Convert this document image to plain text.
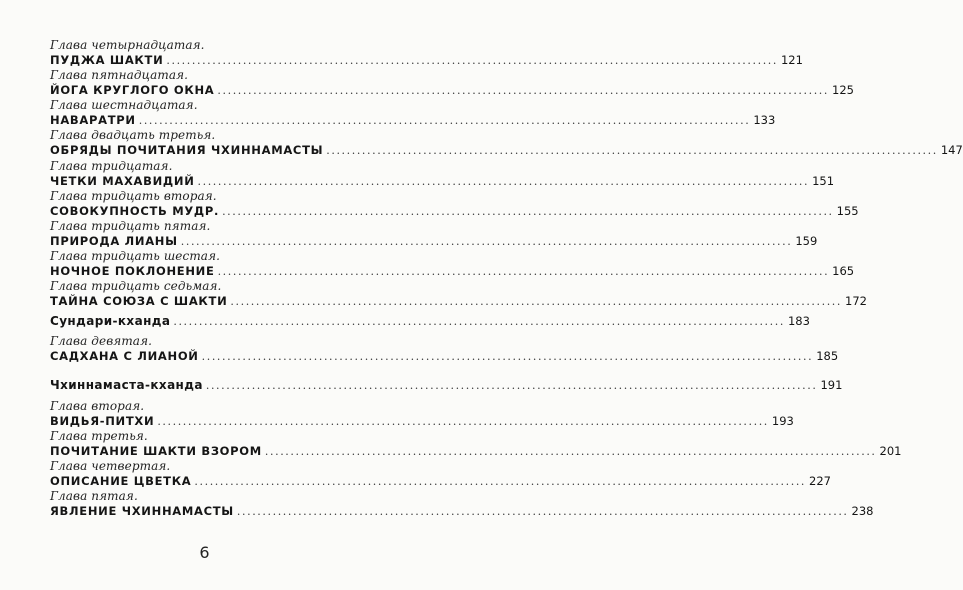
Глава четырнадцатая.
ПУДЖА ШАКТИ ........................................................................................................................ 121
Глава пятнадцатая.
ЙОГА КРУГЛОГО ОКНА ........................................................................................................................ 125
Глава шестнадцатая.
НАВАРАТРИ ........................................................................................................................ 133
Глава двадцать третья.
ОБРЯДЫ ПОЧИТАНИЯ ЧХИННАМАСТЫ ........................................................................................................................ 147
Глава тридцатая.
ЧЕТКИ МАХАВИДИЙ ........................................................................................................................ 151
Глава тридцать вторая.
СОВОКУПНОСТЬ МУДР. ........................................................................................................................ 155
Глава тридцать пятая.
ПРИРОДА ЛИАНЫ ........................................................................................................................ 159
Глава тридцать шестая.
НОЧНОЕ ПОКЛОНЕНИЕ ........................................................................................................................ 165
Глава тридцать седьмая.
ТАЙНА СОЮЗА С ШАКТИ ........................................................................................................................ 172
Сундари-кханда ........................................................................................................................ 183
Глава девятая.
САДХАНА С ЛИАНОЙ ........................................................................................................................ 185
Чхиннамаста-кханда ........................................................................................................................ 191
Глава вторая.
ВИДЬЯ-ПИТХИ ........................................................................................................................ 193
Глава третья.
ПОЧИТАНИЕ ШАКТИ ВЗОРОМ ........................................................................................................................ 201
Глава четвертая.
ОПИСАНИЕ ЦВЕТКА ........................................................................................................................ 227
Глава пятая.
ЯВЛЕНИЕ ЧХИННАМАСТЫ ........................................................................................................................ 238
6
